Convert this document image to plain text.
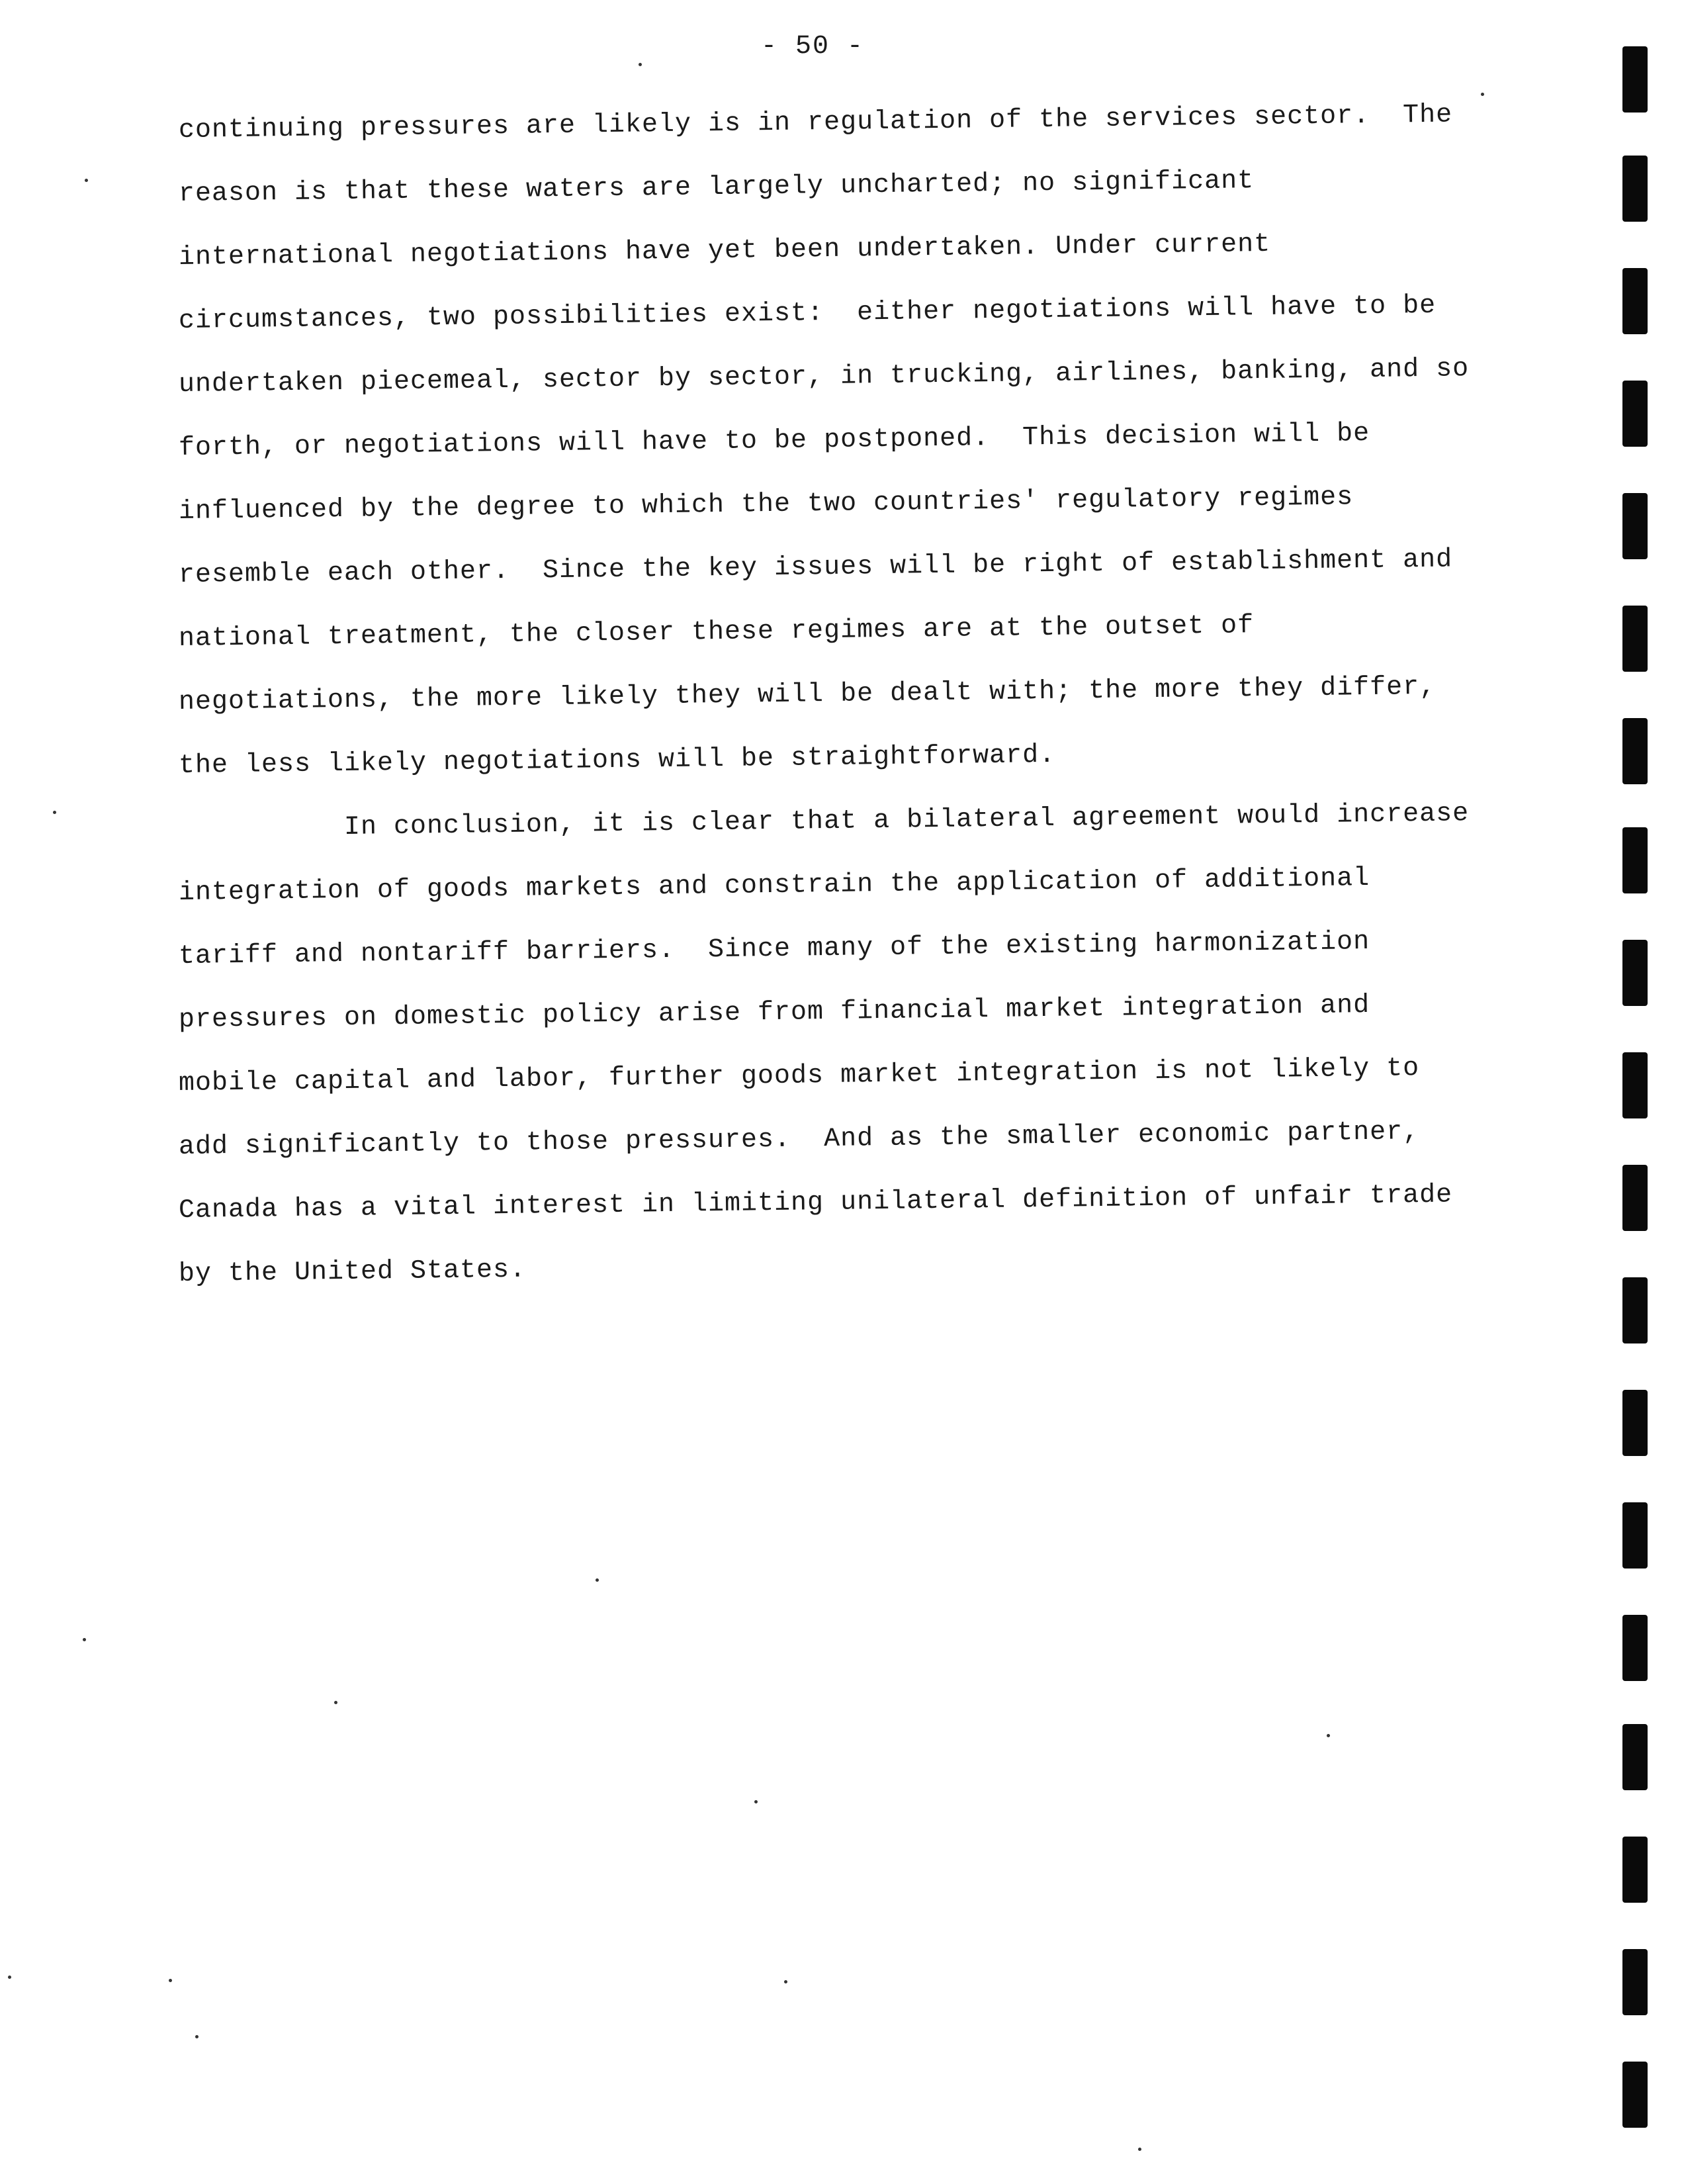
- 50 -
continuing pressures are likely is in regulation of the services sector.  The
reason is that these waters are largely uncharted; no significant
international negotiations have yet been undertaken. Under current
circumstances, two possibilities exist:  either negotiations will have to be
undertaken piecemeal, sector by sector, in trucking, airlines, banking, and so
forth, or negotiations will have to be postponed.  This decision will be
influenced by the degree to which the two countries' regulatory regimes
resemble each other.  Since the key issues will be right of establishment and
national treatment, the closer these regimes are at the outset of
negotiations, the more likely they will be dealt with; the more they differ,
the less likely negotiations will be straightforward.
In conclusion, it is clear that a bilateral agreement would increase
integration of goods markets and constrain the application of additional
tariff and nontariff barriers.  Since many of the existing harmonization
pressures on domestic policy arise from financial market integration and
mobile capital and labor, further goods market integration is not likely to
add significantly to those pressures.  And as the smaller economic partner,
Canada has a vital interest in limiting unilateral definition of unfair trade
by the United States.
